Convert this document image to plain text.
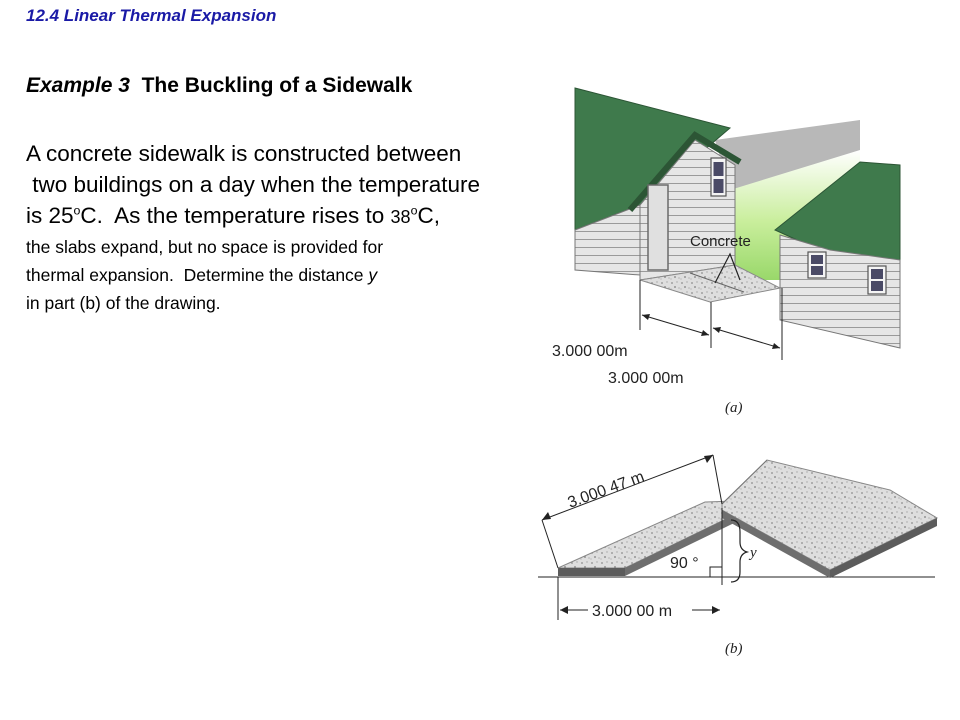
12.4 Linear Thermal Expansion
Example 3 The Buckling of a Sidewalk
A concrete sidewalk is constructed between
two buildings on a day when the temperature
is 25$^o$C.  As the temperature rises to 38$^o$C,
the slabs expand, but no space is provided for
thermal expansion.  Determine the distance y
in part (b) of the drawing.
Concrete
3.000 00m
3.000 00m
(a)
3.000 47 m
90 °
y
3.000 00 m
(b)
